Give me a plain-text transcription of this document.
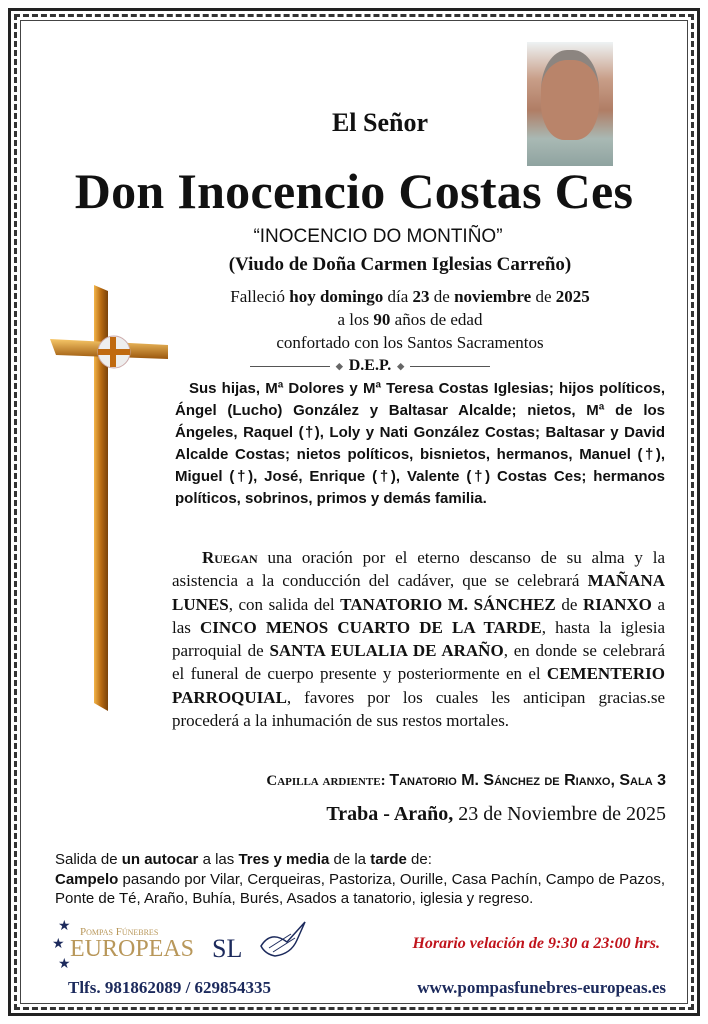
El Señor
Don Inocencio Costas Ces
“INOCENCIO DO MONTIÑO”
(Viudo de Doña Carmen Iglesias Carreño)
Falleció hoy domingo día 23 de noviembre de 2025
a los 90 años de edad
confortado con los Santos Sacramentos
◆ D.E.P. ◆
Sus hijas, Mª Dolores y Mª Teresa Costas Iglesias; hijos políticos, Ángel (Lucho) González y Baltasar Alcalde; nietos, Mª de los Ángeles, Raquel (†), Loly y Nati González Costas; Baltasar y David Alcalde Costas; nietos políticos, bisnietos, hermanos, Manuel (†), Miguel (†), José, Enrique (†), Valente (†) Costas Ces; hermanos políticos, sobrinos, primos y demás familia.
Ruegan una oración por el eterno descanso de su alma y la asistencia a la conducción del cadáver, que se celebrará MAÑANA LUNES, con salida del TANATORIO M. SÁNCHEZ de RIANXO a las CINCO MENOS CUARTO DE LA TARDE, hasta la iglesia parroquial de SANTA EULALIA DE ARAÑO, en donde se celebrará el funeral de cuerpo presente y posteriormente en el CEMENTERIO PARROQUIAL, favores por los cuales les anticipan gracias.se procederá a la inhumación de sus restos mortales.
Capilla ardiente: Tanatorio M. Sánchez de Rianxo, Sala 3
Traba - Araño, 23 de Noviembre de 2025
Salida de un autocar a las Tres y media de la tarde de:
Campelo pasando por Vilar, Cerqueiras, Pastoriza, Ourille, Casa Pachín, Campo de Pazos, Ponte de Té, Araño, Buhía, Burés, Asados a tanatorio, iglesia y regreso.
★
★
★
Pompas Fúnebres
EUROPEAS SL	Horario velación de 9:30 a 23:00 hrs.
Tlfs. 981862089 / 629854335	www.pompasfunebres-europeas.es
